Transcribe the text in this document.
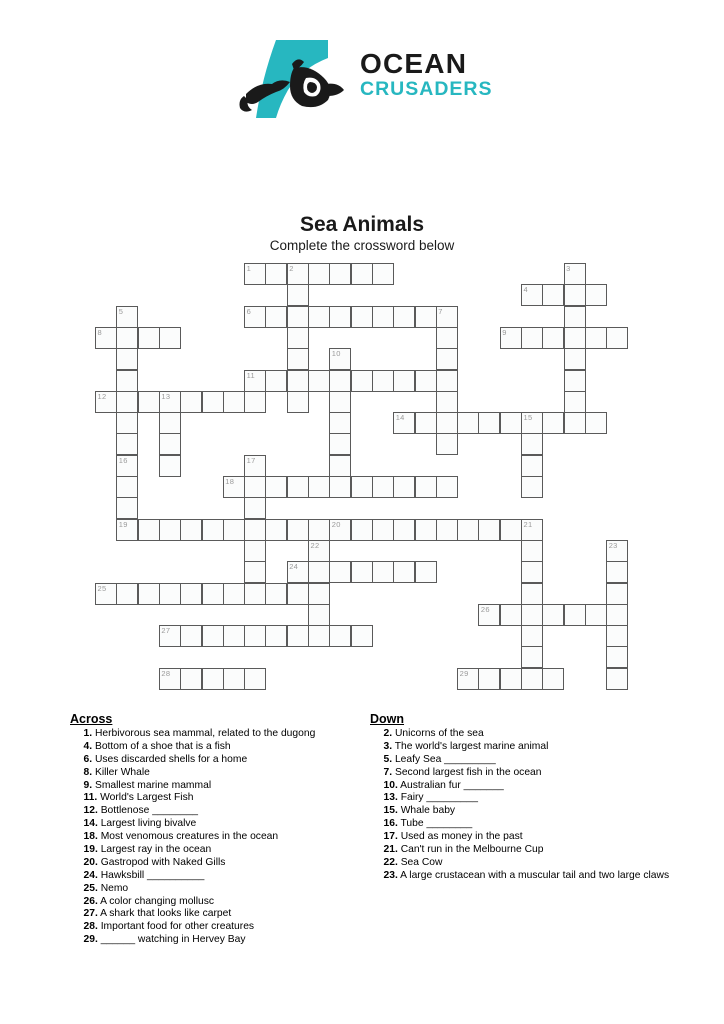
OCEAN
CRUSADERS
Sea Animals
Complete the crossword below
1	2	3
4
5	6	7
8	9
10
11
12	13
14	15
16	17
18
19	20	21
22	23
24
25
26
27
28	29
Across
1. Herbivorous sea mammal, related to the dugong
4. Bottom of a shoe that is a fish
6. Uses discarded shells for a home
8. Killer Whale
9. Smallest marine mammal
11. World's Largest Fish
12. Bottlenose ________
14. Largest living bivalve
18. Most venomous creatures in the ocean
19. Largest ray in the ocean
20. Gastropod with Naked Gills
24. Hawksbill __________
25. Nemo
26. A color changing mollusc
27. A shark that looks like carpet
28. Important food for other creatures
29. ______ watching in Hervey Bay
Down
2. Unicorns of the sea
3. The world's largest marine animal
5. Leafy Sea _________
7. Second largest fish in the ocean
10. Australian fur _______
13. Fairy _________
15. Whale baby
16. Tube ________
17. Used as money in the past
21. Can't run in the Melbourne Cup
22. Sea Cow
23. A large crustacean with a muscular tail and two large claws
